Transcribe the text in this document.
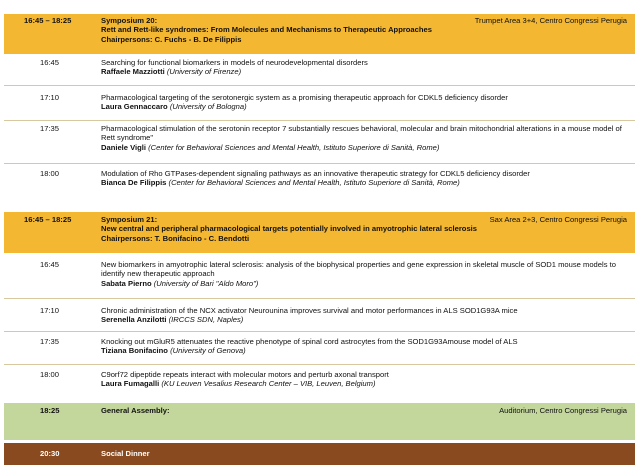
16:45 – 18:25	Symposium 20:
Rett and Rett-like syndromes: From Molecules and Mechanisms to Therapeutic Approaches
Chairpersons: C. Fuchs - B. De Filippis
Trumpet Area 3+4, Centro Congressi Perugia
16:45	Searching for functional biomarkers in models of neurodevelopmental disorders
Raffaele Mazziotti (University of Firenze)
17:10	Pharmacological targeting of the serotonergic system as a promising therapeutic approach for CDKL5 deficiency disorder
Laura Gennaccaro (University of Bologna)
17:35	Pharmacological stimulation of the serotonin receptor 7 substantially rescues behavioral, molecular and brain mitochondrial alterations in a mouse model of Rett syndrome"
Daniele Vigli (Center for Behavioral Sciences and Mental Health, Istituto Superiore di Sanità, Rome)
18:00	Modulation of Rho GTPases-dependent signaling pathways as an innovative therapeutic strategy for CDKL5 deficiency disorder
Bianca De Filippis (Center for Behavioral Sciences and Mental Health, Istituto Superiore di Sanità, Rome)
16:45 – 18:25	Symposium 21:
New central and peripheral pharmacological targets potentially involved in amyotrophic lateral sclerosis
Chairpersons: T. Bonifacino - C. Bendotti
Sax Area 2+3, Centro Congressi Perugia
16:45	New biomarkers in amyotrophic lateral sclerosis: analysis of the biophysical properties and gene expression in skeletal muscle of SOD1 mouse models to identify new therapeutic approach
Sabata Pierno (University of Bari "Aldo Moro")
17:10	Chronic administration of the NCX activator Neurounina improves survival and motor performances in ALS SOD1G93A mice
Serenella Anzilotti (IRCCS SDN, Naples)
17:35	Knocking out mGluR5 attenuates the reactive phenotype of spinal cord astrocytes from the SOD1G93Amouse model of ALS
Tiziana Bonifacino (University of Genova)
18:00	C9orf72 dipeptide repeats interact with molecular motors and perturb axonal transport
Laura Fumagalli (KU Leuven Vesalius Research Center – VIB, Leuven, Belgium)
18:25	General Assembly:	Auditorium, Centro Congressi Perugia
20:30	Social Dinner
